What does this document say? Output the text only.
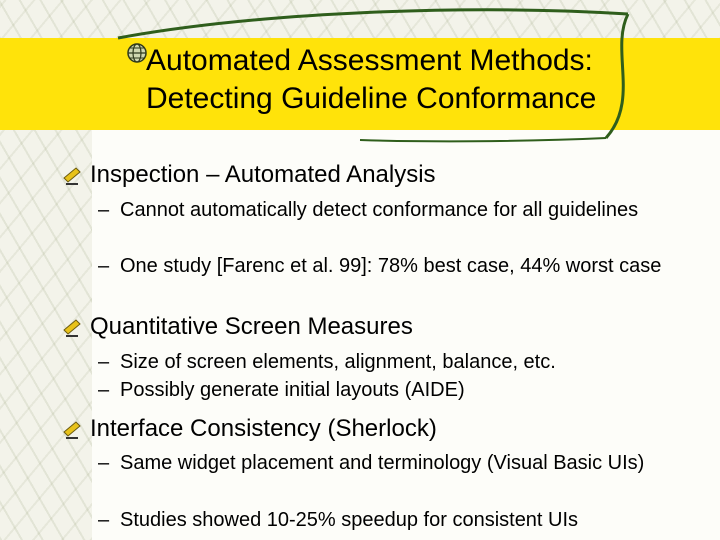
Automated Assessment Methods:
Detecting Guideline Conformance
Inspection – Automated Analysis
– Cannot automatically detect conformance for all guidelines
– One study [Farenc et al. 99]: 78% best case, 44% worst case
Quantitative Screen Measures
– Size of screen elements, alignment, balance, etc.
– Possibly generate initial layouts (AIDE)
Interface Consistency (Sherlock)
– Same widget placement and terminology (Visual Basic UIs)
– Studies showed 10-25% speedup for consistent UIs
